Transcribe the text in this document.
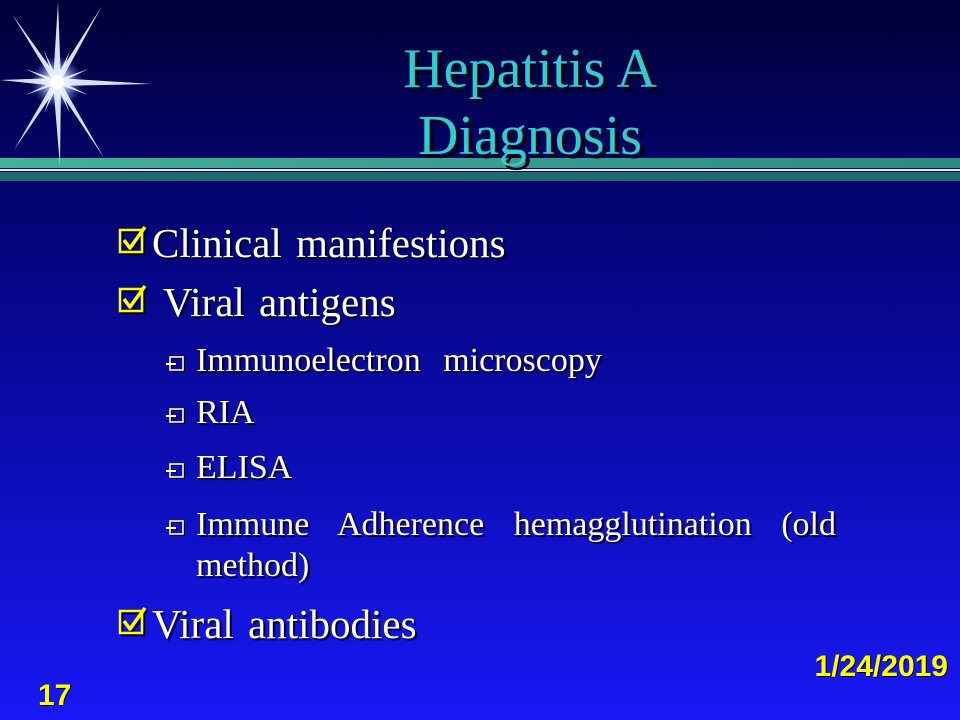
Hepatitis A
Diagnosis
Clinical manifestions
Viral antigens
Immunoelectron microscopy
RIA
ELISA
Immune Adherence hemagglutination (old method)
Viral antibodies
17
1/24/2019
